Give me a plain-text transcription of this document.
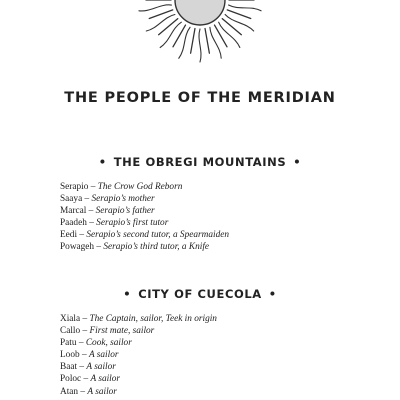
THE PEOPLE OF THE MERIDIAN
• THE OBREGI MOUNTAINS •
Serapio – The Crow God Reborn
Saaya – Serapio’s mother
Marcal – Serapio’s father
Paadeh – Serapio’s first tutor
Eedi – Serapio’s second tutor, a Spearmaiden
Powageh – Serapio’s third tutor, a Knife
• CITY OF CUECOLA •
Xiala – The Captain, sailor, Teek in origin
Callo – First mate, sailor
Patu – Cook, sailor
Loob – A sailor
Baat – A sailor
Poloc – A sailor
Atan – A sailor
